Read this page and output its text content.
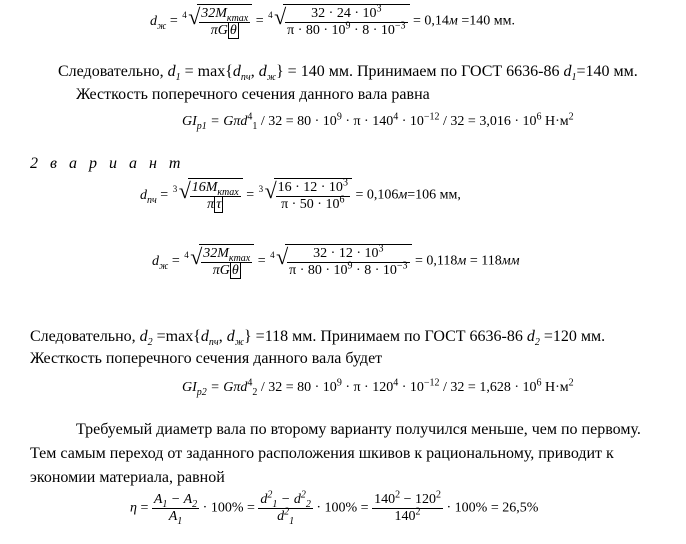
$d_ж = 4$ √
$\frac{32M_{кmax}}{\text{πG θ}} = 4$ √
$\frac{32 \cdot 24 \cdot 10^3}{\pi \cdot 80 \cdot 10^9 \cdot 8 \cdot 10^{-3}} = 0,14м =140$ мм.
Следовательно, $d_1 = \max\{d_{пч}$, $d_ж\} = 140$ мм. Принимаем по ГОСТ 6636-86 $d_1=140$ мм.
Жесткость поперечного сечения данного вала равна
$GI_{p1} = G\pi d^4_1 / 32 = 80 \cdot 10^9 \cdot \pi \cdot 140^4 \cdot 10^{-12} / 32 = 3,016 \cdot 10^6$ $Н\cdot м^2$
2 в а р и а н т
$d_{пч} = 3$ √
$\frac{16M_{кmax}}{\text{π τ}} = 3$ √
$\frac{16 \cdot 12 \cdot 10^3}{\pi \cdot 50 \cdot 10^6} = 0,106м=106$ мм,
$d_ж = 4$ √
$\frac{32M_{кmax}}{\text{πG θ}} = 4$ √
$\frac{32 \cdot 12 \cdot 10^3}{\pi \cdot 80 \cdot 10^9 \cdot 8 \cdot 10^{-3}} = 0,118м = 118мм$
Следовательно, $d_2 =\max\{d_{пч}$, $d_ж\} =118$ мм. Принимаем по ГОСТ 6636-86 $d_2 =120$ мм.
Жесткость поперечного сечения данного вала будет
$GI_{p2} = G\pi d^4_2 / 32 = 80 \cdot 10^9 \cdot \pi \cdot 120^4 \cdot 10^{-12} / 32 = 1,628 \cdot 10^6$ $Н\cdot м^2$
Требуемый диаметр вала по второму варианту получился меньше, чем по первому.
Тем самым переход от заданного расположения шкивов к рациональному, приводит к
экономии материала, равной
$\eta = \frac{A_1 - A_2}{A_1} \cdot 100\% = \frac{d^2_1 - d^2_2}{d^2_1} \cdot 100\% = \frac{140^2 - 120^2}{140^2} \cdot 100\% = 26,5\%$
